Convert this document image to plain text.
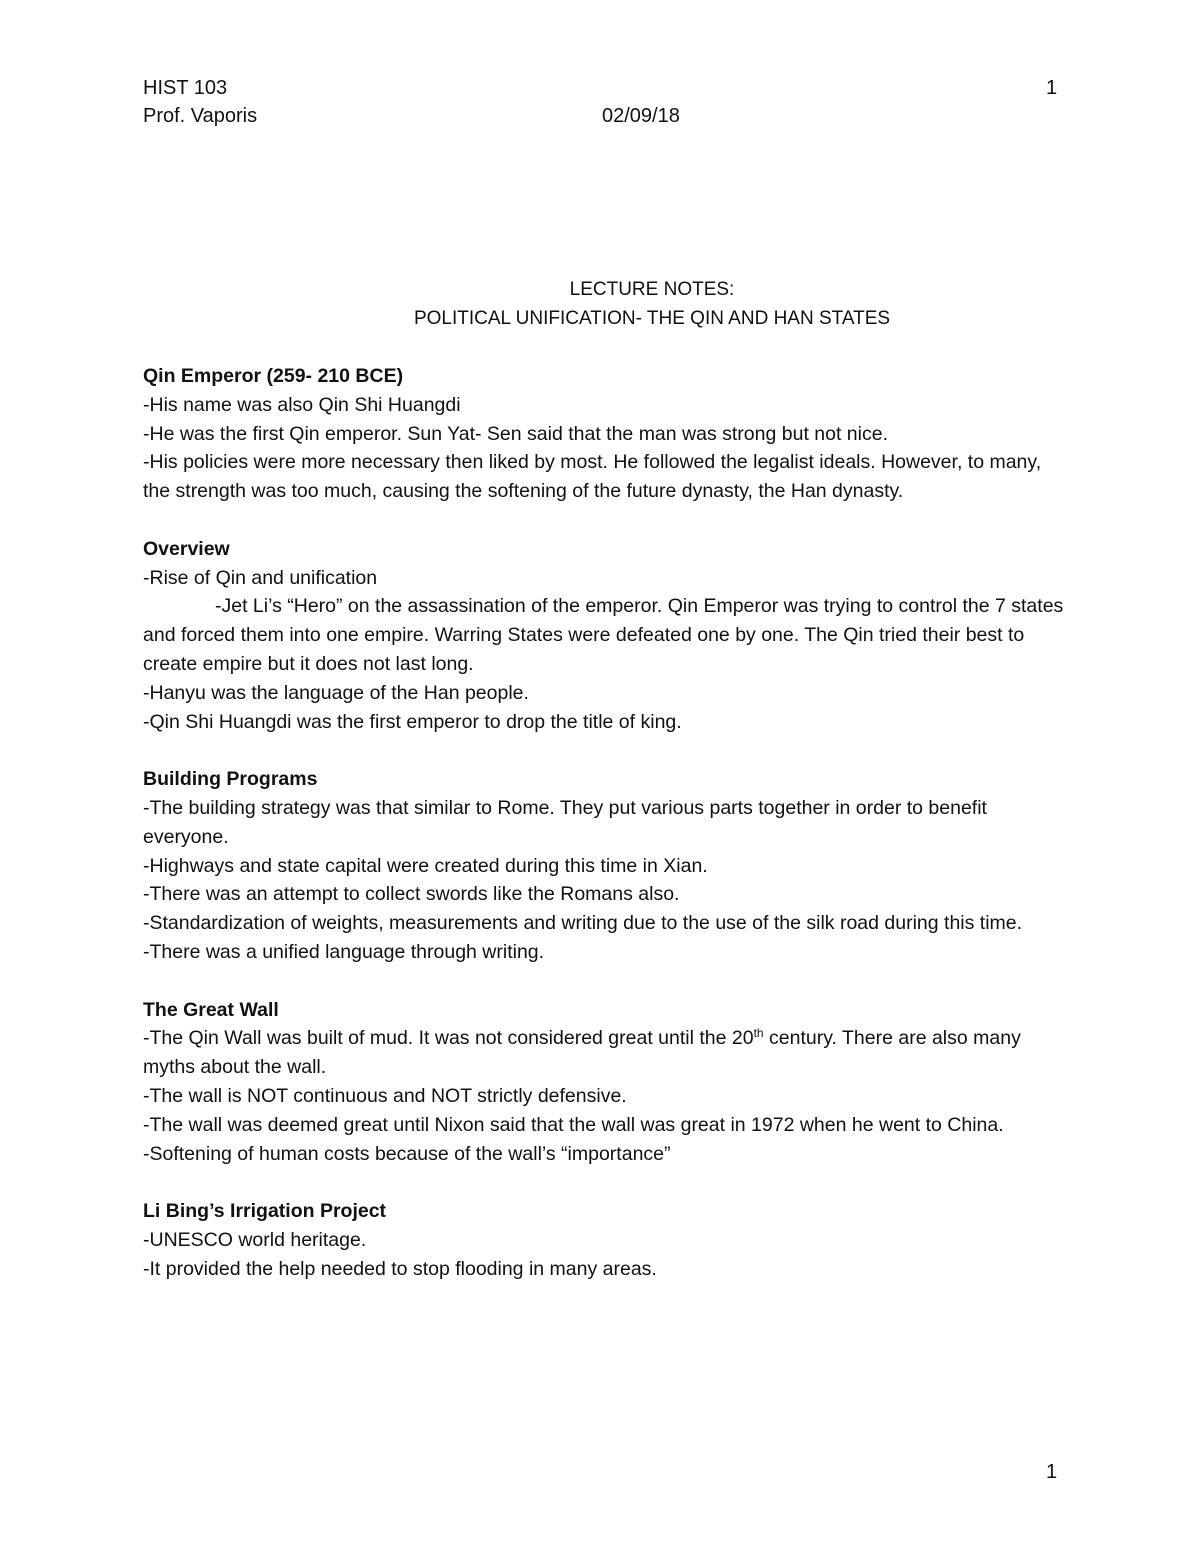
HIST 103
Prof. Vaporis	02/09/18
1
LECTURE NOTES:
POLITICAL UNIFICATION- THE QIN AND HAN STATES
Qin Emperor (259- 210 BCE)

-His name was also Qin Shi Huangdi

-He was the first Qin emperor. Sun Yat- Sen said that the man was strong but not nice.

-His policies were more necessary then liked by most. He followed the legalist ideals. However, to many, the strength was too much, causing the softening of the future dynasty, the Han dynasty.

Overview

-Rise of Qin and unification

-Jet Li’s “Hero” on the assassination of the emperor. Qin Emperor was trying to control the 7 states and forced them into one empire. Warring States were defeated one by one. The Qin tried their best to create empire but it does not last long.

-Hanyu was the language of the Han people.

-Qin Shi Huangdi was the first emperor to drop the title of king.

Building Programs

-The building strategy was that similar to Rome. They put various parts together in order to benefit everyone.

-Highways and state capital were created during this time in Xian.

-There was an attempt to collect swords like the Romans also.

-Standardization of weights, measurements and writing due to the use of the silk road during this time.

-There was a unified language through writing.

The Great Wall

-The Qin Wall was built of mud. It was not considered great until the 20th century. There are also many myths about the wall.

-The wall is NOT continuous and NOT strictly defensive.

-The wall was deemed great until Nixon said that the wall was great in 1972 when he went to China.

-Softening of human costs because of the wall’s “importance”

Li Bing’s Irrigation Project

-UNESCO world heritage.

-It provided the help needed to stop flooding in many areas.

1
